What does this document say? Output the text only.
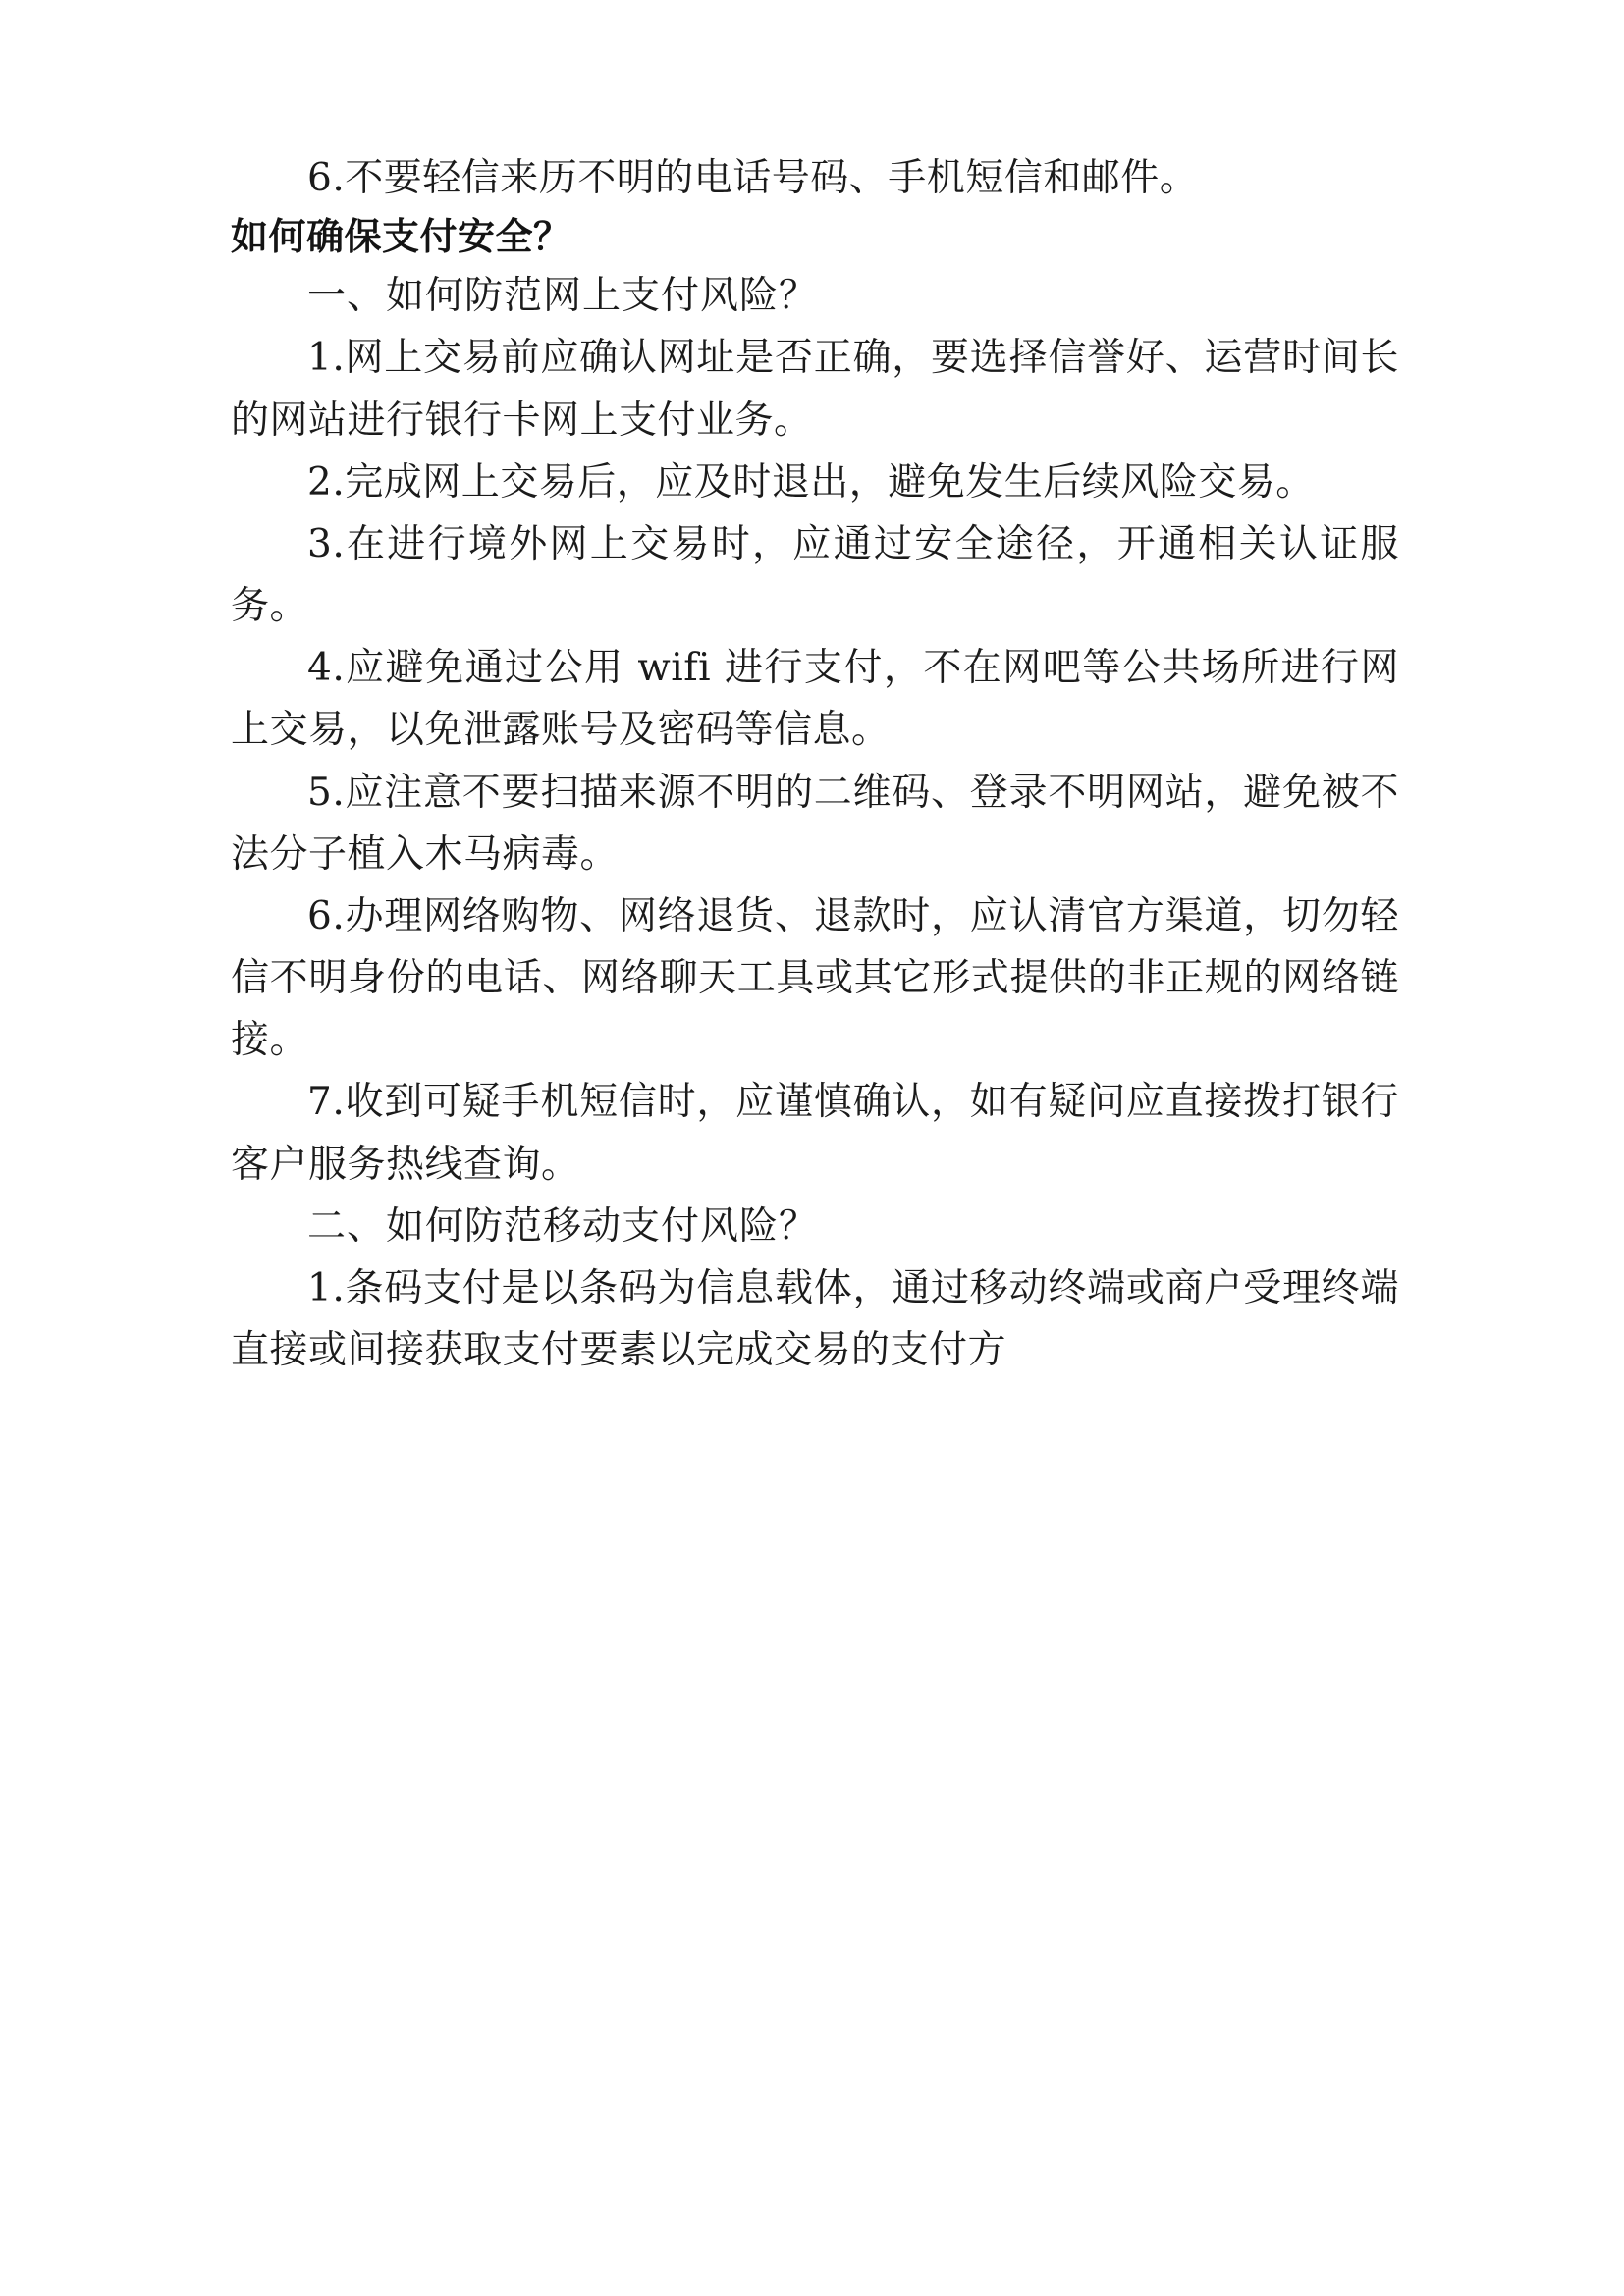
6.不要轻信来历不明的电话号码、手机短信和邮件。

如何确保支付安全？

一、如何防范网上支付风险？

1.网上交易前应确认网址是否正确，要选择信誉好、运营时间长的网站进行银行卡网上支付业务。

2.完成网上交易后，应及时退出，避免发生后续风险交易。

3.在进行境外网上交易时，应通过安全途径，开通相关认证服务。

4.应避免通过公用 wifi 进行支付，不在网吧等公共场所进行网上交易，以免泄露账号及密码等信息。

5.应注意不要扫描来源不明的二维码、登录不明网站，避免被不法分子植入木马病毒。

6.办理网络购物、网络退货、退款时，应认清官方渠道，切勿轻信不明身份的电话、网络聊天工具或其它形式提供的非正规的网络链接。

7.收到可疑手机短信时，应谨慎确认，如有疑问应直接拨打银行客户服务热线查询。

二、如何防范移动支付风险？

1.条码支付是以条码为信息载体，通过移动终端或商户受理终端直接或间接获取支付要素以完成交易的支付方
